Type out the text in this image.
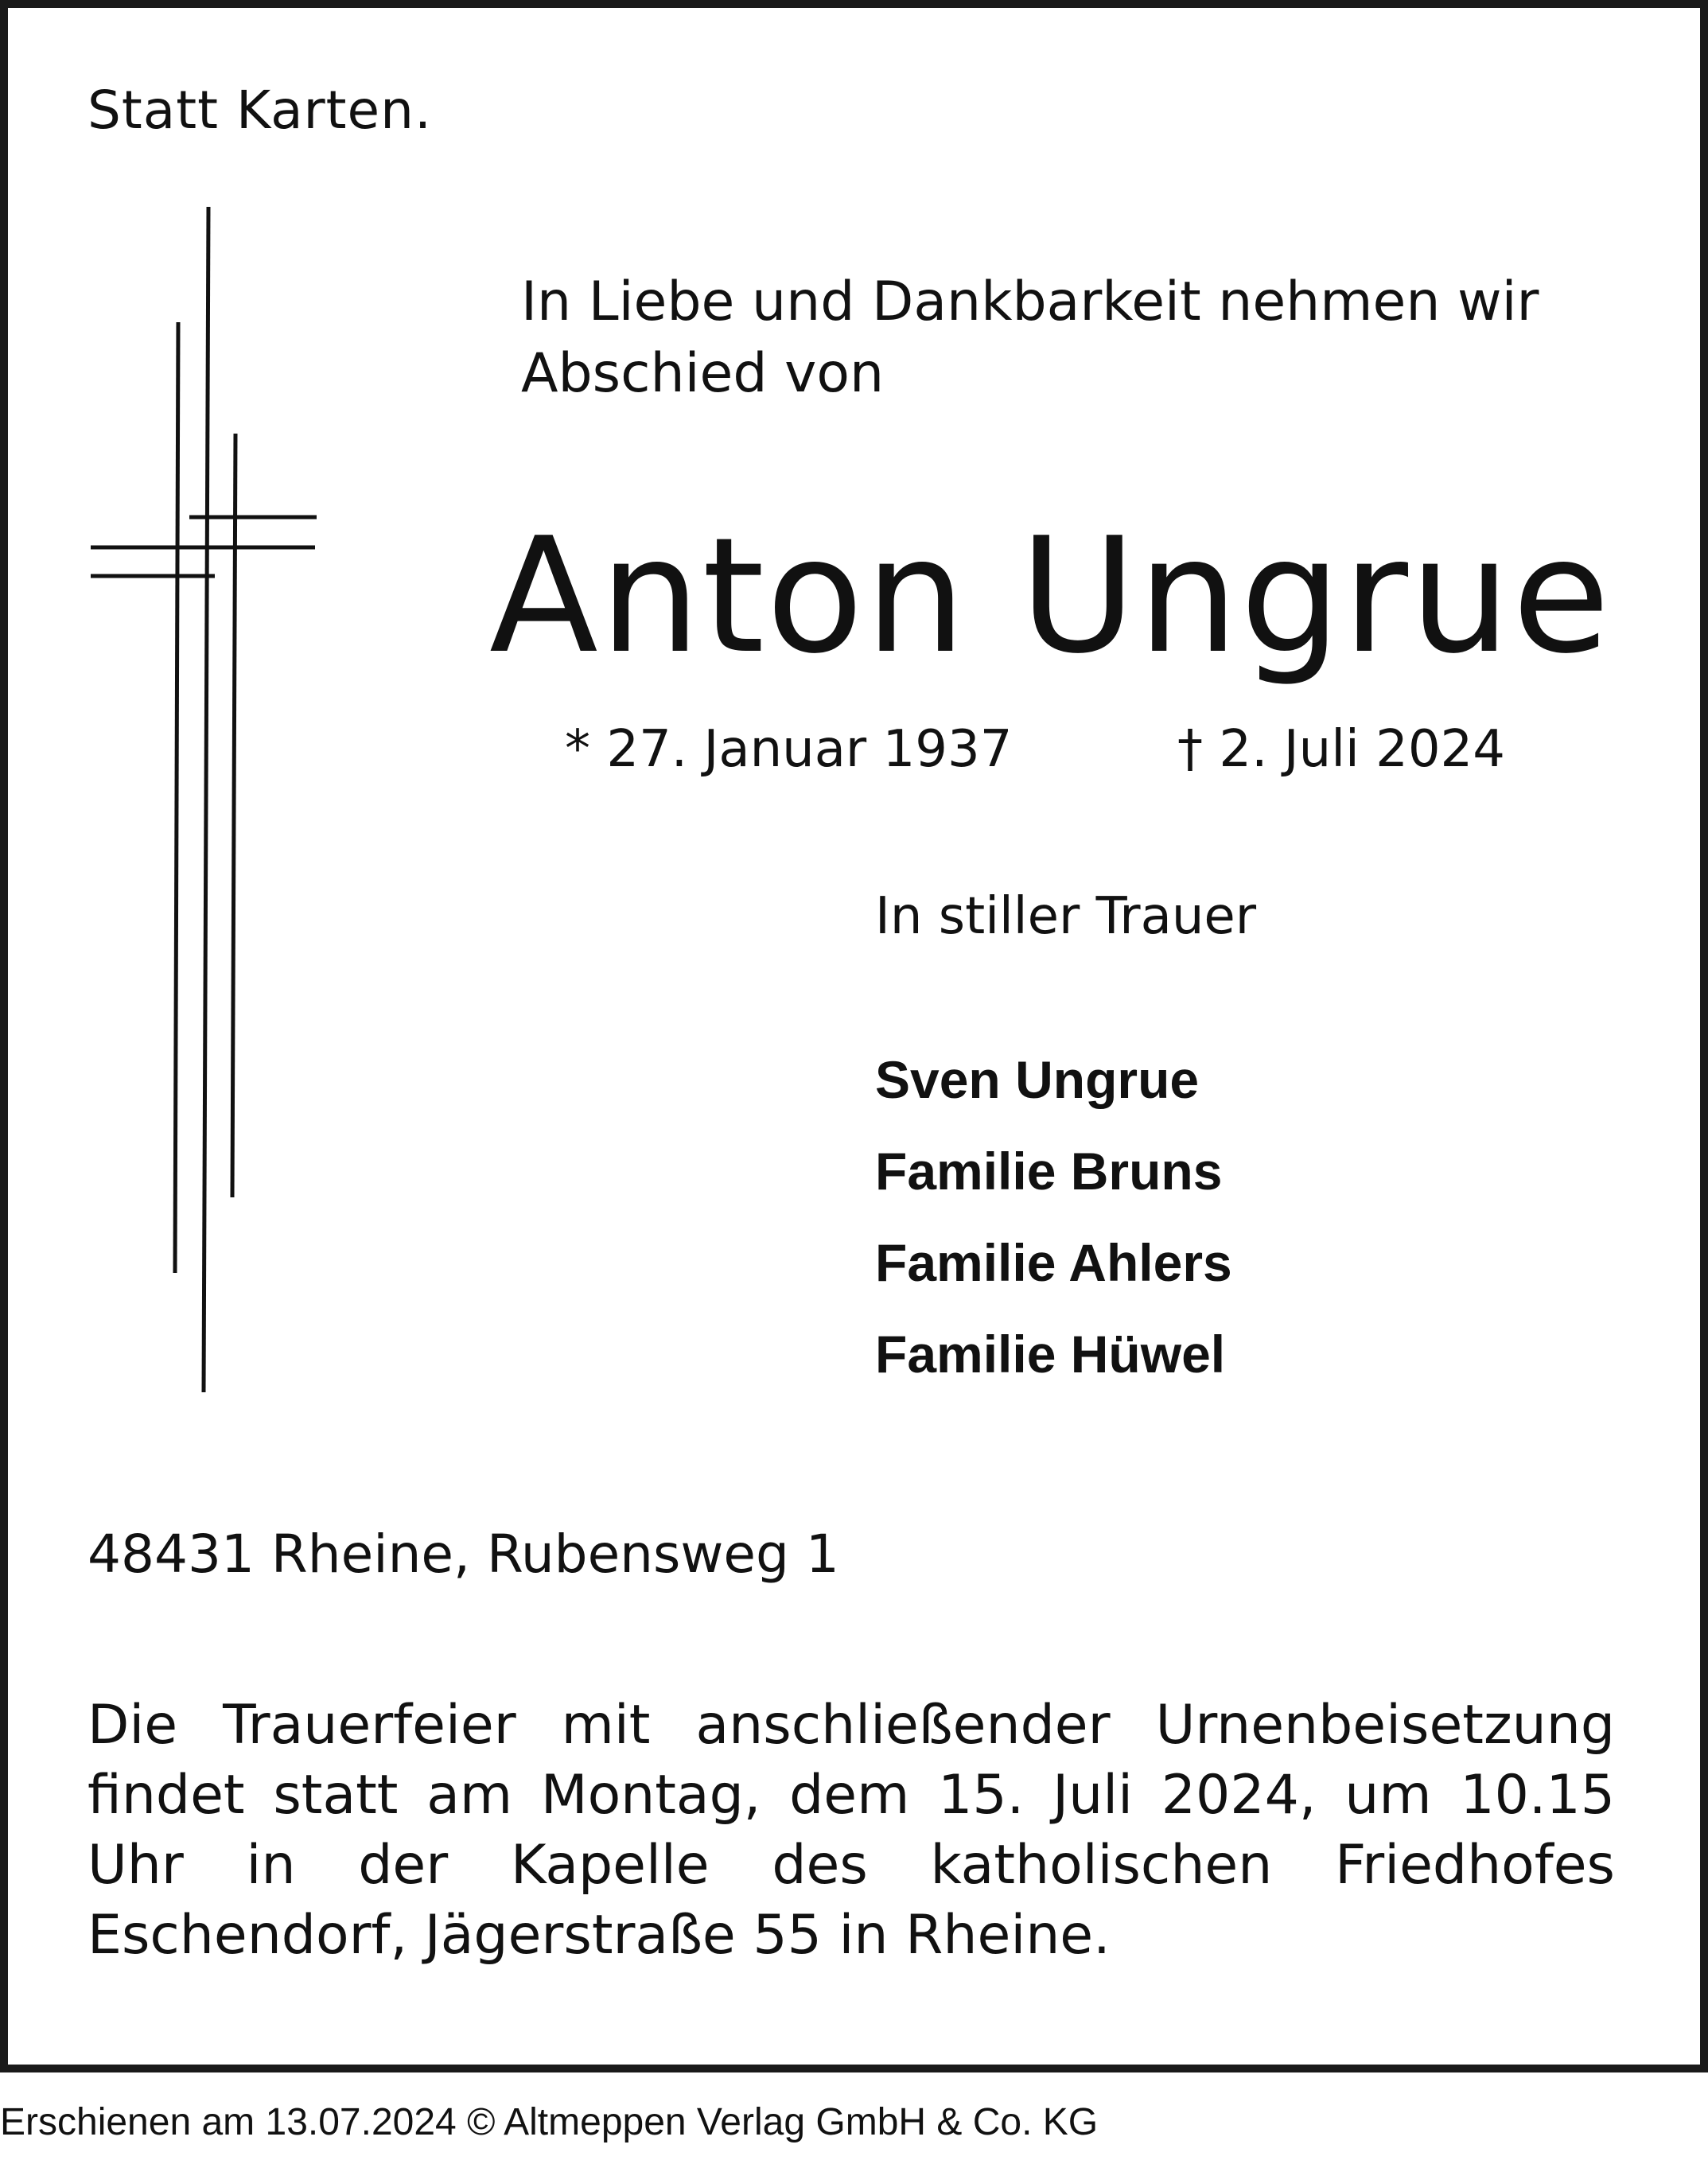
Statt Karten.

In Liebe und Dankbarkeit nehmen wir
Abschied von
Anton Ungrue

* 27. Januar 1937	† 2. Juli 2024

In stiller Trauer

Sven Ungrue
Familie Bruns
Familie Ahlers
Familie Hüwel

48431 Rheine, Rubensweg 1

Die Trauerfeier mit anschließender Urnenbeisetzung findet statt am Montag, dem 15. Juli 2024, um 10.15 Uhr in der Kapelle des katholischen Friedhofes Eschendorf, Jägerstraße 55 in Rheine.

Erschienen am 13.07.2024 © Altmeppen Verlag GmbH & Co. KG
